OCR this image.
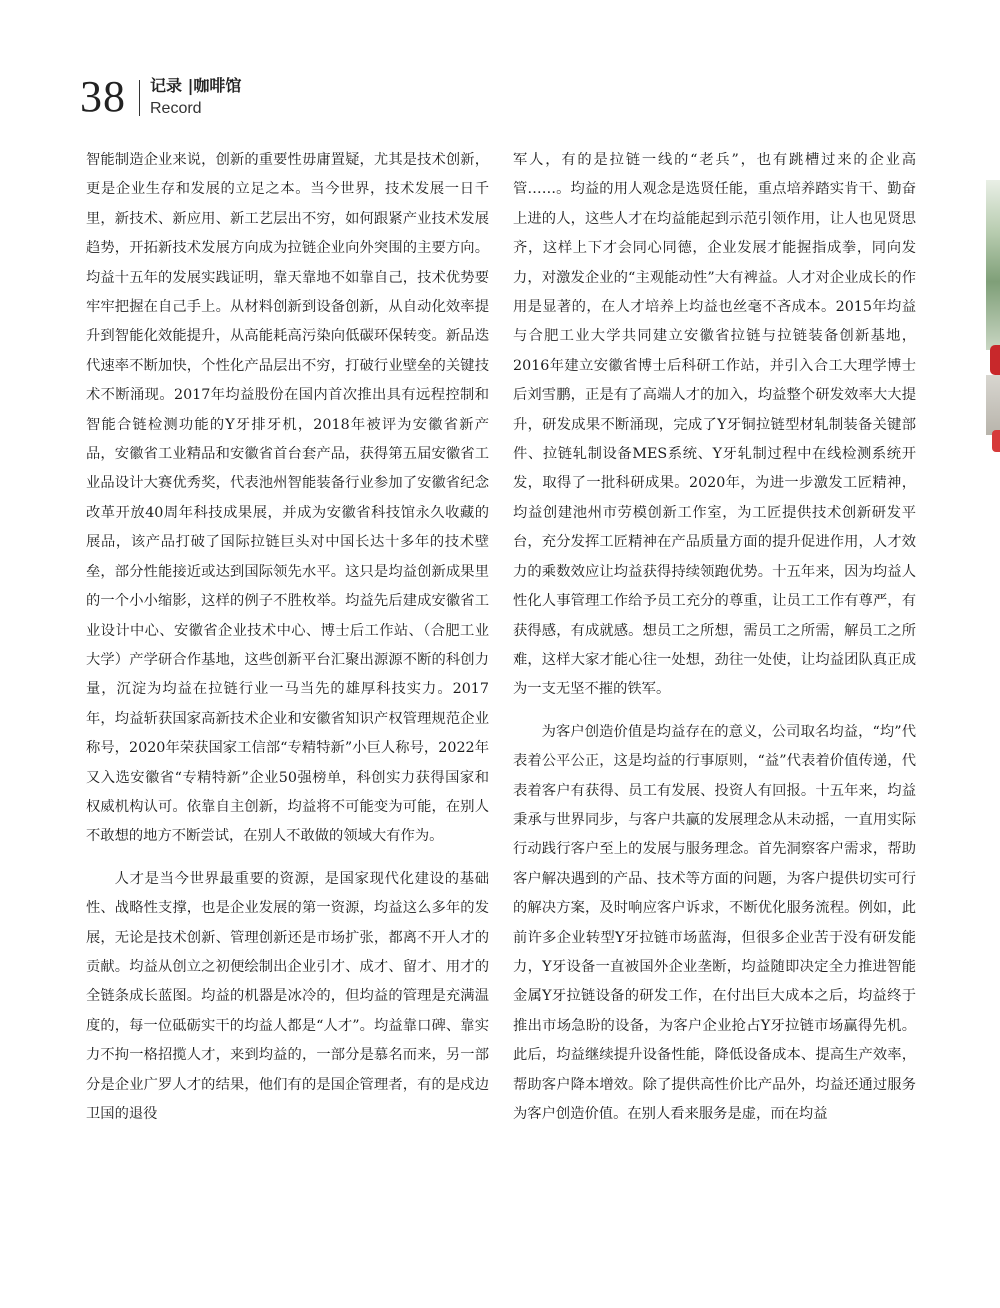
38 记录 |咖啡馆
Record

智能制造企业来说，创新的重要性毋庸置疑，尤其是技术创新，更是企业生存和发展的立足之本。当今世界，技术发展一日千里，新技术、新应用、新工艺层出不穷，如何跟紧产业技术发展趋势，开拓新技术发展方向成为拉链企业向外突围的主要方向。均益十五年的发展实践证明，靠天靠地不如靠自己，技术优势要牢牢把握在自己手上。从材料创新到设备创新，从自动化效率提升到智能化效能提升，从高能耗高污染向低碳环保转变。新品迭代速率不断加快，个性化产品层出不穷，打破行业壁垒的关键技术不断涌现。2017年均益股份在国内首次推出具有远程控制和智能合链检测功能的Y牙排牙机，2018年被评为安徽省新产品，安徽省工业精品和安徽省首台套产品，获得第五届安徽省工业品设计大赛优秀奖，代表池州智能装备行业参加了安徽省纪念改革开放40周年科技成果展，并成为安徽省科技馆永久收藏的展品，该产品打破了国际拉链巨头对中国长达十多年的技术壁垒，部分性能接近或达到国际领先水平。这只是均益创新成果里的一个小小缩影，这样的例子不胜枚举。均益先后建成安徽省工业设计中心、安徽省企业技术中心、博士后工作站、（合肥工业大学）产学研合作基地，这些创新平台汇聚出源源不断的科创力量，沉淀为均益在拉链行业一马当先的雄厚科技实力。2017年，均益斩获国家高新技术企业和安徽省知识产权管理规范企业称号，2020年荣获国家工信部“专精特新”小巨人称号，2022年又入选安徽省“专精特新”企业50强榜单，科创实力获得国家和权威机构认可。依靠自主创新，均益将不可能变为可能，在别人不敢想的地方不断尝试，在别人不敢做的领域大有作为。

人才是当今世界最重要的资源，是国家现代化建设的基础性、战略性支撑，也是企业发展的第一资源，均益这么多年的发展，无论是技术创新、管理创新还是市场扩张，都离不开人才的贡献。均益从创立之初便绘制出企业引才、成才、留才、用才的全链条成长蓝图。均益的机器是冰冷的，但均益的管理是充满温度的，每一位砥砺实干的均益人都是“人才”。均益靠口碑、靠实力不拘一格招揽人才，来到均益的，一部分是慕名而来，另一部分是企业广罗人才的结果，他们有的是国企管理者，有的是戍边卫国的退役

军人，有的是拉链一线的“老兵”，也有跳槽过来的企业高管……。均益的用人观念是选贤任能，重点培养踏实肯干、勤奋上进的人，这些人才在均益能起到示范引领作用，让人也见贤思齐，这样上下才会同心同德，企业发展才能握指成拳，同向发力，对激发企业的“主观能动性”大有裨益。人才对企业成长的作用是显著的，在人才培养上均益也丝毫不吝成本。2015年均益与合肥工业大学共同建立安徽省拉链与拉链装备创新基地，2016年建立安徽省博士后科研工作站，并引入合工大理学博士后刘雪鹏，正是有了高端人才的加入，均益整个研发效率大大提升，研发成果不断涌现，完成了Y牙铜拉链型材轧制装备关键部件、拉链轧制设备MES系统、Y牙轧制过程中在线检测系统开发，取得了一批科研成果。2020年，为进一步激发工匠精神，均益创建池州市劳模创新工作室，为工匠提供技术创新研发平台，充分发挥工匠精神在产品质量方面的提升促进作用，人才效力的乘数效应让均益获得持续领跑优势。十五年来，因为均益人性化人事管理工作给予员工充分的尊重，让员工工作有尊严，有获得感，有成就感。想员工之所想，需员工之所需，解员工之所难，这样大家才能心往一处想，劲往一处使，让均益团队真正成为一支无坚不摧的铁军。

为客户创造价值是均益存在的意义，公司取名均益，“均”代表着公平公正，这是均益的行事原则，“益”代表着价值传递，代表着客户有获得、员工有发展、投资人有回报。十五年来，均益秉承与世界同步，与客户共赢的发展理念从未动摇，一直用实际行动践行客户至上的发展与服务理念。首先洞察客户需求，帮助客户解决遇到的产品、技术等方面的问题，为客户提供切实可行的解决方案，及时响应客户诉求，不断优化服务流程。例如，此前许多企业转型Y牙拉链市场蓝海，但很多企业苦于没有研发能力，Y牙设备一直被国外企业垄断，均益随即决定全力推进智能金属Y牙拉链设备的研发工作，在付出巨大成本之后，均益终于推出市场急盼的设备，为客户企业抢占Y牙拉链市场赢得先机。此后，均益继续提升设备性能，降低设备成本、提高生产效率，帮助客户降本增效。除了提供高性价比产品外，均益还通过服务为客户创造价值。在别人看来服务是虚，而在均益
